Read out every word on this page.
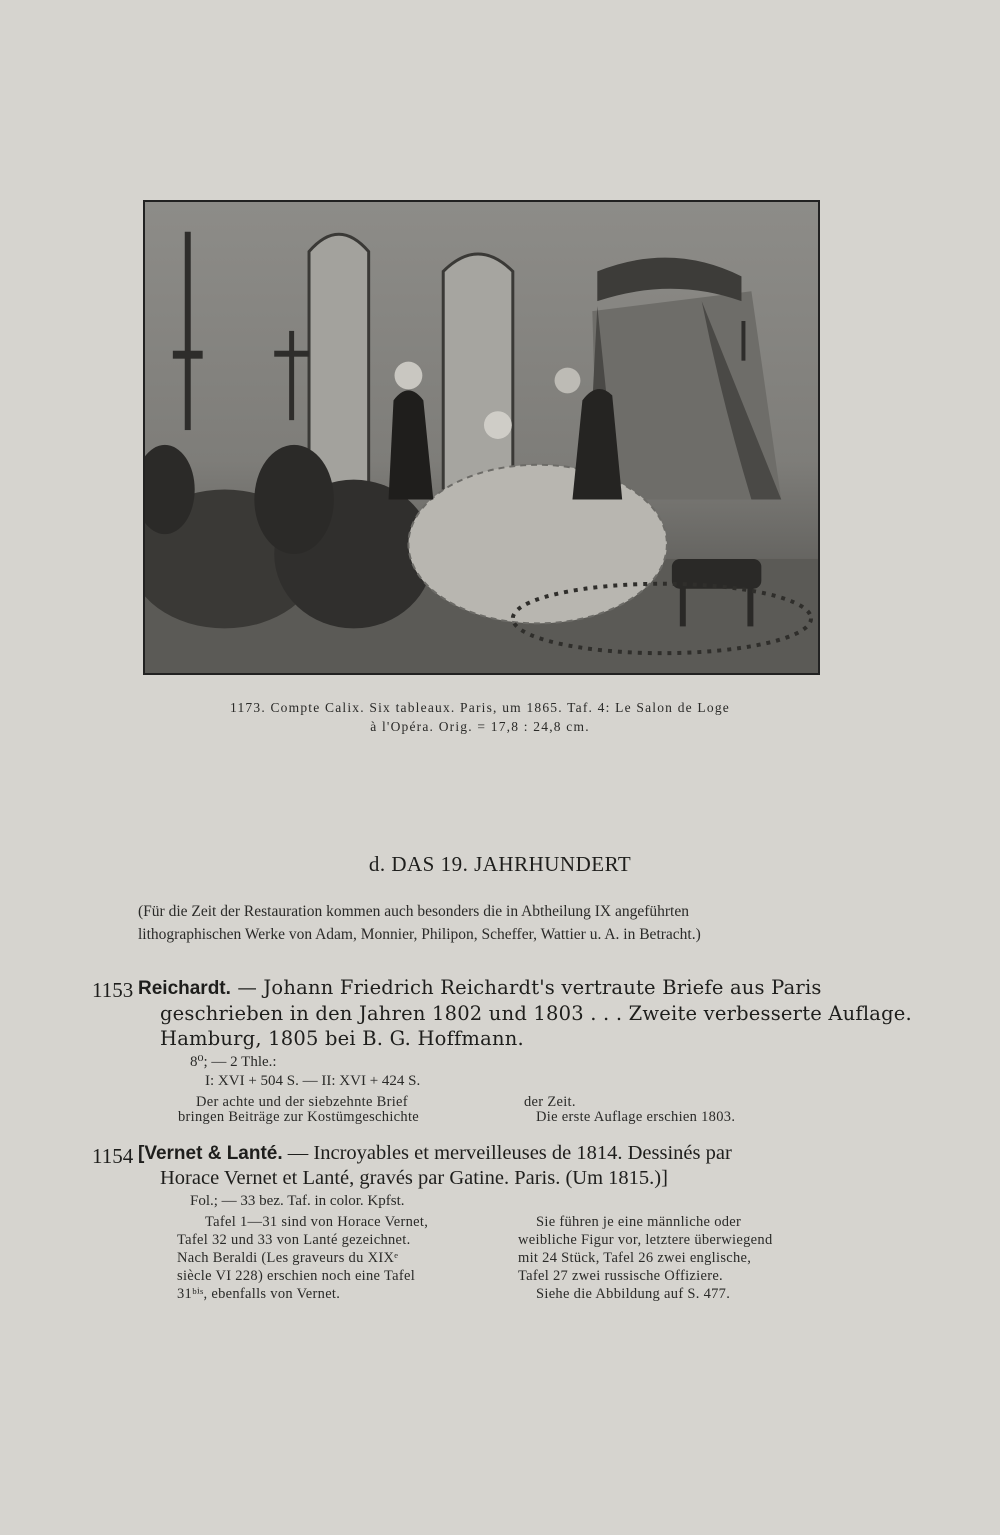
1173. Compte Calix. Six tableaux. Paris, um 1865. Taf. 4: Le Salon de Loge
à l'Opéra. Orig. = 17,8 : 24,8 cm.
d. DAS 19. JAHRHUNDERT
(Für die Zeit der Restauration kommen auch besonders die in Abtheilung IX angeführten
lithographischen Werke von Adam, Monnier, Philipon, Scheffer, Wattier u. A. in Betracht.)
1153 Reichardt. — Johann Friedrich Reichardt's vertraute Briefe aus Paris
geschrieben in den Jahren 1802 und 1803 . . . Zweite verbesserte Auflage.
Hamburg, 1805 bei B. G. Hoffmann.
8⁰; — 2 Thle.:
I: XVI + 504 S. — II: XVI + 424 S.
Der achte und der siebzehnte Brief
bringen Beiträge zur Kostümgeschichte
der Zeit.
Die erste Auflage erschien 1803.
1154 [Vernet & Lanté. — Incroyables et merveilleuses de 1814. Dessinés par
Horace Vernet et Lanté, gravés par Gatine. Paris. (Um 1815.)]
Fol.; — 33 bez. Taf. in color. Kpfst.
Tafel 1—31 sind von Horace Vernet,
Tafel 32 und 33 von Lanté gezeichnet.
Nach Beraldi (Les graveurs du XIXᵉ
siècle VI 228) erschien noch eine Tafel
31ᵇⁱˢ, ebenfalls von Vernet.
Sie führen je eine männliche oder
weibliche Figur vor, letztere überwiegend
mit 24 Stück, Tafel 26 zwei englische,
Tafel 27 zwei russische Offiziere.
Siehe die Abbildung auf S. 477.
